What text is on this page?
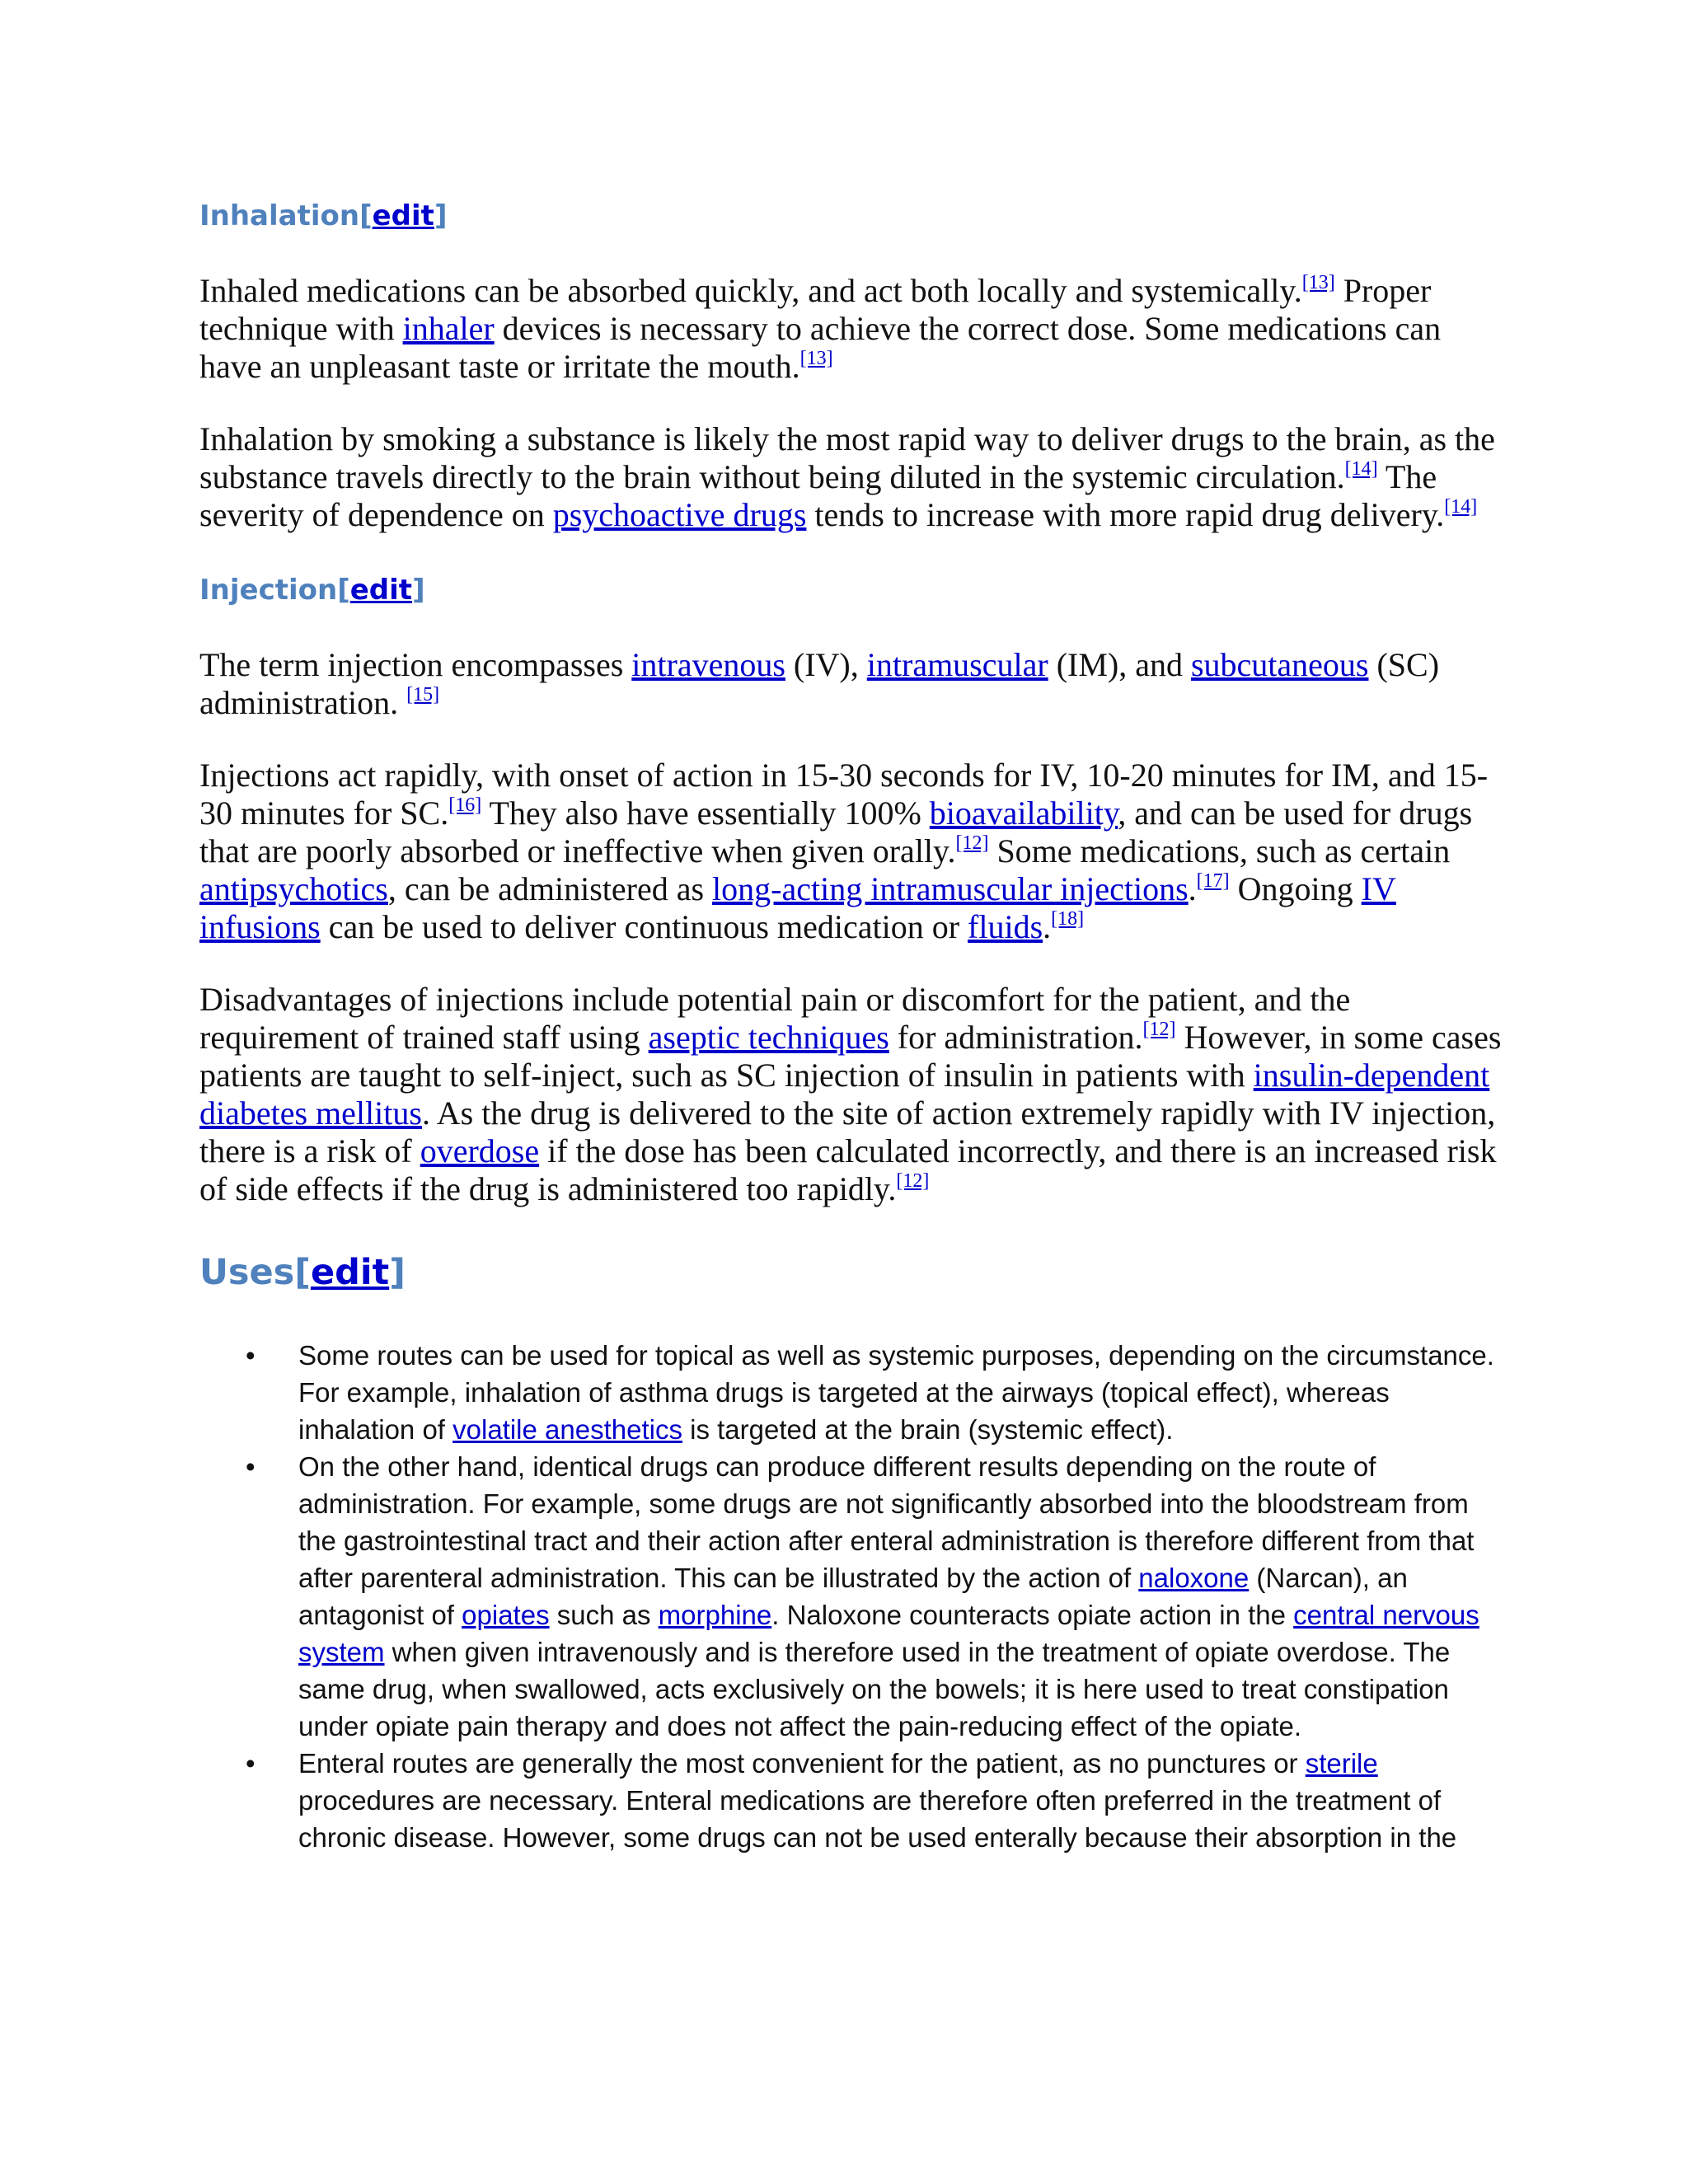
Inhalation[edit]

Inhaled medications can be absorbed quickly, and act both locally and systemically.[13] Proper technique with inhaler devices is necessary to achieve the correct dose. Some medications can have an unpleasant taste or irritate the mouth.[13]

Inhalation by smoking a substance is likely the most rapid way to deliver drugs to the brain, as the substance travels directly to the brain without being diluted in the systemic circulation.[14] The severity of dependence on psychoactive drugs tends to increase with more rapid drug delivery.[14]

Injection[edit]

The term injection encompasses intravenous (IV), intramuscular (IM), and subcutaneous (SC) administration. [15]

Injections act rapidly, with onset of action in 15-30 seconds for IV, 10-20 minutes for IM, and 15-30 minutes for SC.[16] They also have essentially 100% bioavailability, and can be used for drugs that are poorly absorbed or ineffective when given orally.[12] Some medications, such as certain antipsychotics, can be administered as long-acting intramuscular injections.[17] Ongoing IV infusions can be used to deliver continuous medication or fluids.[18]

Disadvantages of injections include potential pain or discomfort for the patient, and the requirement of trained staff using aseptic techniques for administration.[12] However, in some cases patients are taught to self-inject, such as SC injection of insulin in patients with insulin-dependent diabetes mellitus. As the drug is delivered to the site of action extremely rapidly with IV injection, there is a risk of overdose if the dose has been calculated incorrectly, and there is an increased risk of side effects if the drug is administered too rapidly.[12]

Uses[edit]
• Some routes can be used for topical as well as systemic purposes, depending on the circumstance. For example, inhalation of asthma drugs is targeted at the airways (topical effect), whereas inhalation of volatile anesthetics is targeted at the brain (systemic effect).
• On the other hand, identical drugs can produce different results depending on the route of administration. For example, some drugs are not significantly absorbed into the bloodstream from the gastrointestinal tract and their action after enteral administration is therefore different from that after parenteral administration. This can be illustrated by the action of naloxone (Narcan), an antagonist of opiates such as morphine. Naloxone counteracts opiate action in the central nervous system when given intravenously and is therefore used in the treatment of opiate overdose. The same drug, when swallowed, acts exclusively on the bowels; it is here used to treat constipation under opiate pain therapy and does not affect the pain-reducing effect of the opiate.
• Enteral routes are generally the most convenient for the patient, as no punctures or sterile procedures are necessary. Enteral medications are therefore often preferred in the treatment of chronic disease. However, some drugs can not be used enterally because their absorption in the
